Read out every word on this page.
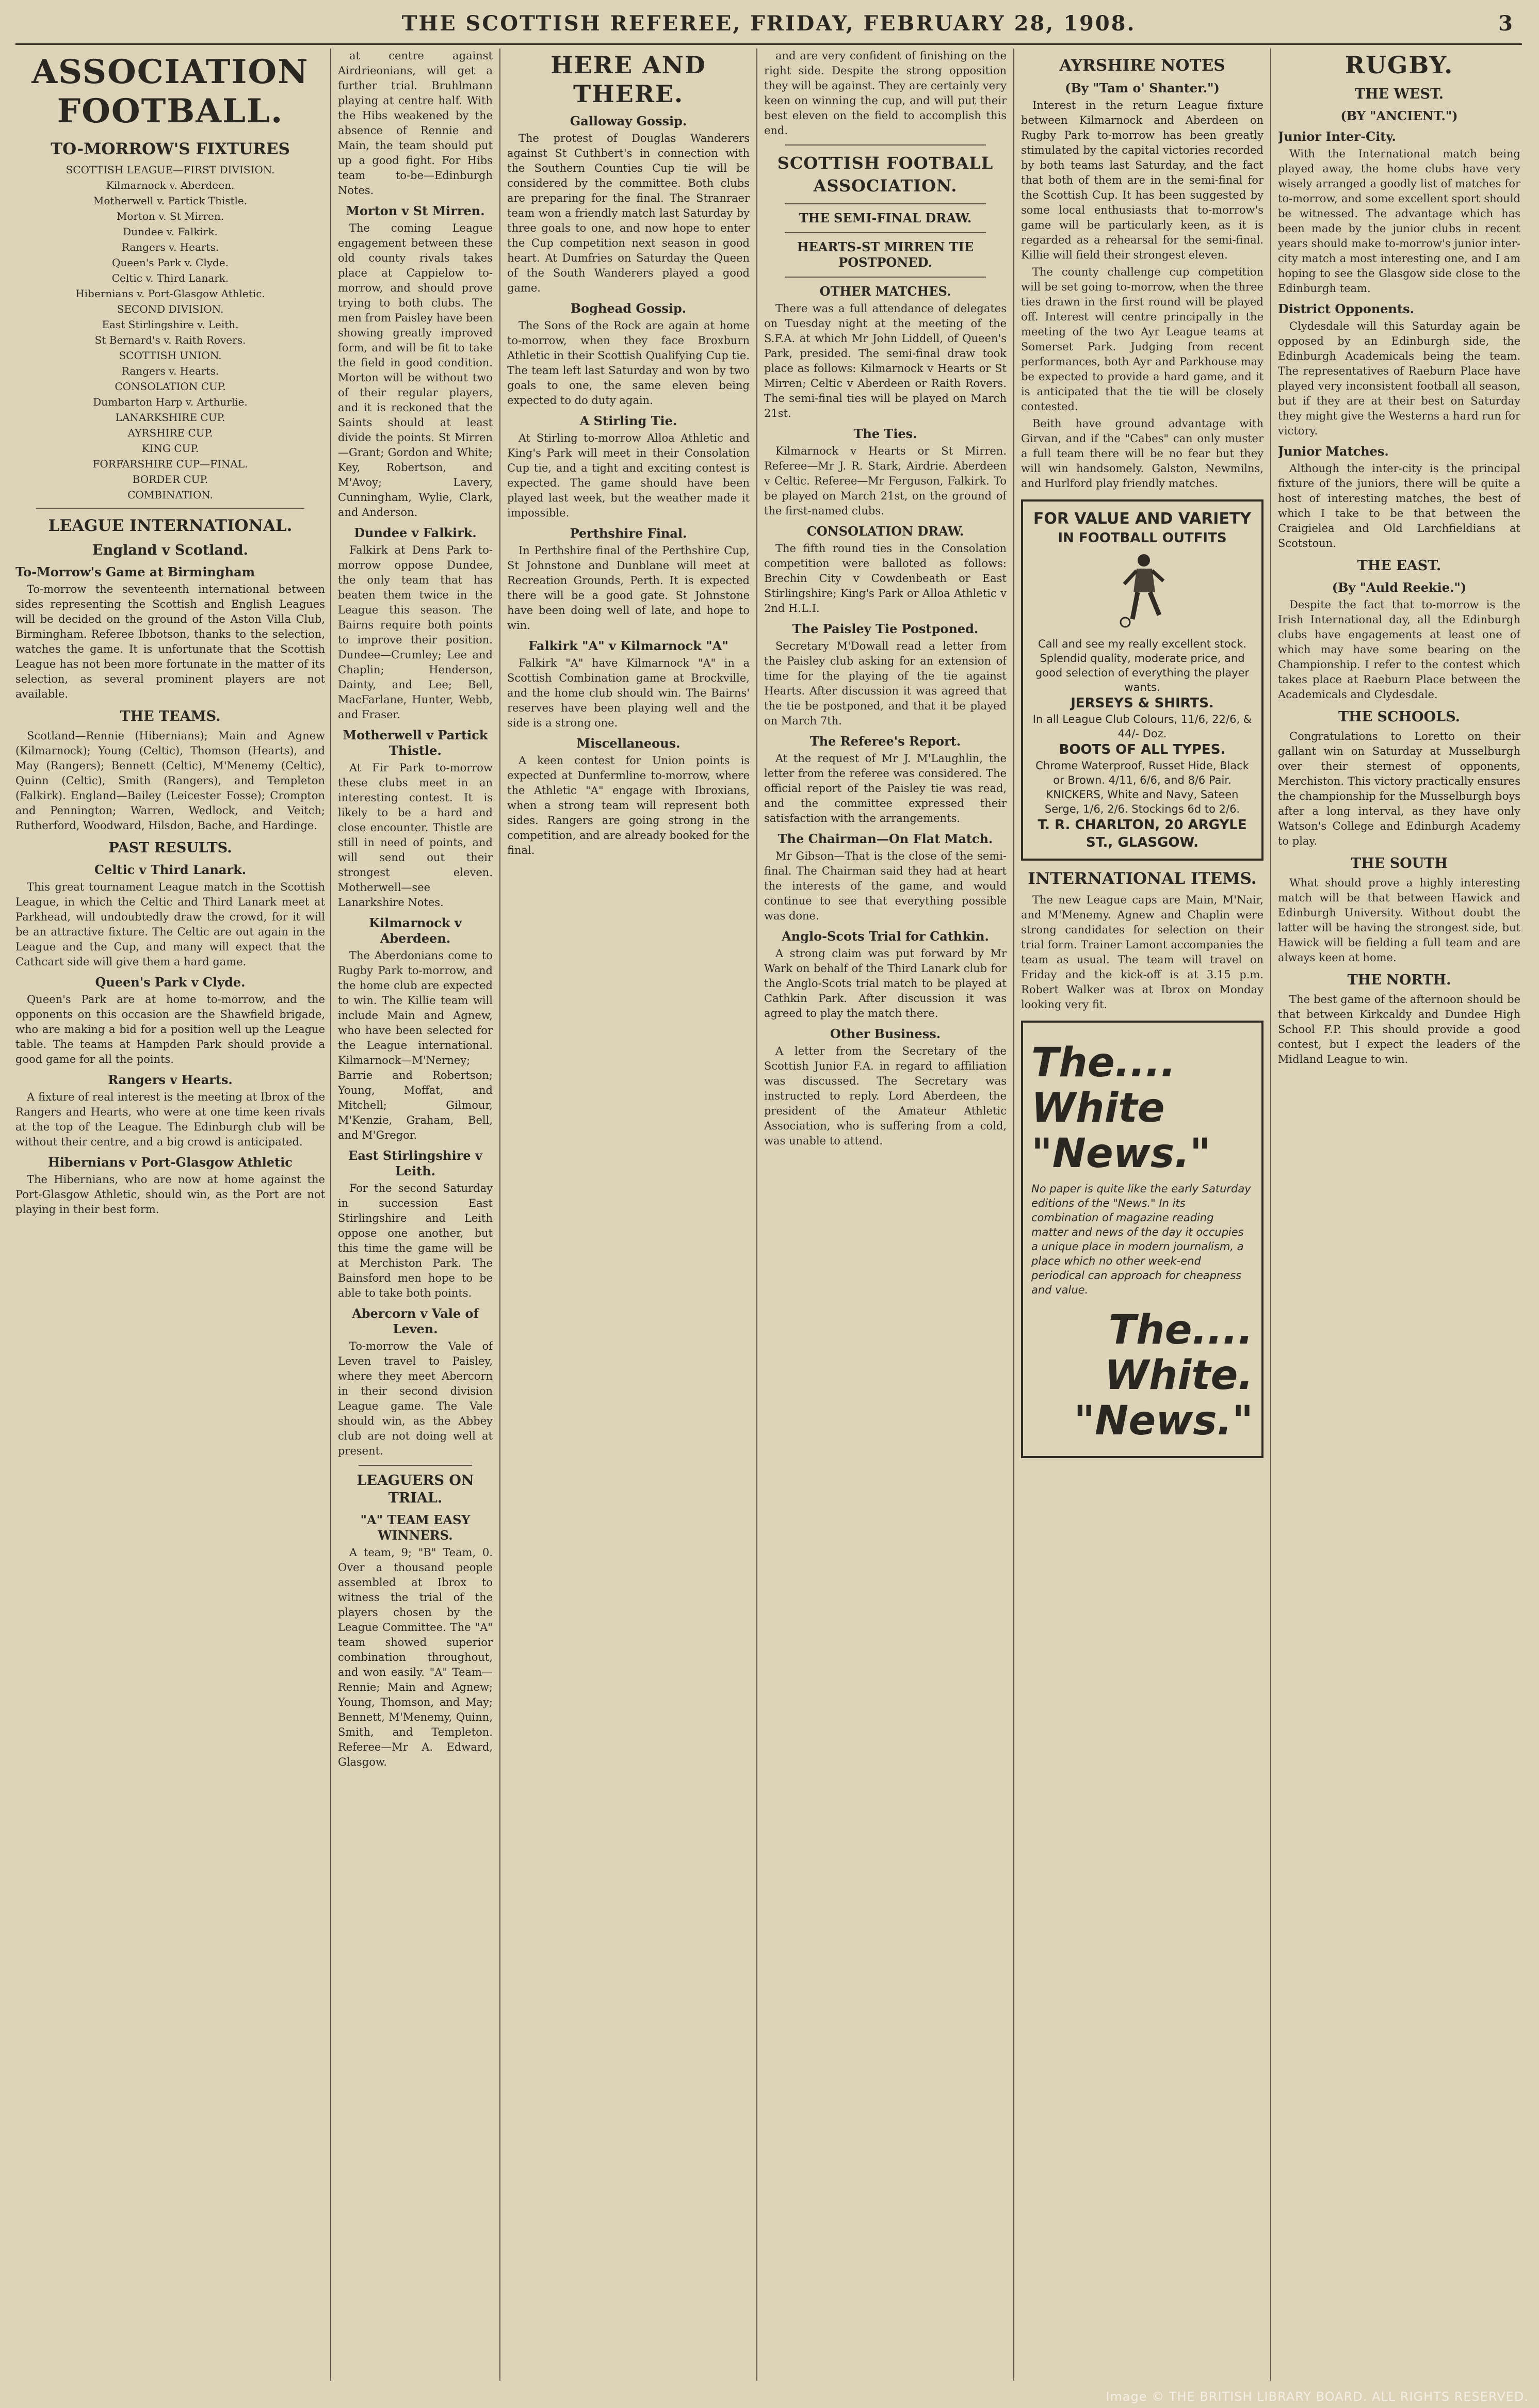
THE SCOTTISH REFEREE, FRIDAY, FEBRUARY 28, 1908.	3
ASSOCIATION FOOTBALL.
TO-MORROW'S FIXTURES

SCOTTISH LEAGUE—FIRST DIVISION.

Kilmarnock v. Aberdeen.

Motherwell v. Partick Thistle.

Morton v. St Mirren.

Dundee v. Falkirk.

Rangers v. Hearts.

Queen's Park v. Clyde.

Celtic v. Third Lanark.

Hibernians v. Port-Glasgow Athletic.

SECOND DIVISION.

East Stirlingshire v. Leith.

St Bernard's v. Raith Rovers.

SCOTTISH UNION.

Rangers v. Hearts.

CONSOLATION CUP.

Dumbarton Harp v. Arthurlie.

LANARKSHIRE CUP.

AYRSHIRE CUP.

KING CUP.

FORFARSHIRE CUP—FINAL.

BORDER CUP.

COMBINATION.

LEAGUE INTERNATIONAL.
England v Scotland.
To-Morrow's Game at Birmingham

To-morrow the seventeenth international between sides representing the Scottish and English Leagues will be decided on the ground of the Aston Villa Club, Birmingham. Referee Ibbotson, thanks to the selection, watches the game. It is unfortunate that the Scottish League has not been more fortunate in the matter of its selection, as several prominent players are not available.

THE TEAMS.

Scotland—Rennie (Hibernians); Main and Agnew (Kilmarnock); Young (Celtic), Thomson (Hearts), and May (Rangers); Bennett (Celtic), M'Menemy (Celtic), Quinn (Celtic), Smith (Rangers), and Templeton (Falkirk). England—Bailey (Leicester Fosse); Crompton and Pennington; Warren, Wedlock, and Veitch; Rutherford, Woodward, Hilsdon, Bache, and Hardinge.

PAST RESULTS.
Celtic v Third Lanark.

This great tournament League match in the Scottish League, in which the Celtic and Third Lanark meet at Parkhead, will undoubtedly draw the crowd, for it will be an attractive fixture. The Celtic are out again in the League and the Cup, and many will expect that the Cathcart side will give them a hard game.

Queen's Park v Clyde.

Queen's Park are at home to-morrow, and the opponents on this occasion are the Shawfield brigade, who are making a bid for a position well up the League table. The teams at Hampden Park should provide a good game for all the points.

Rangers v Hearts.

A fixture of real interest is the meeting at Ibrox of the Rangers and Hearts, who were at one time keen rivals at the top of the League. The Edinburgh club will be without their centre, and a big crowd is anticipated.

Hibernians v Port-Glasgow Athletic

The Hibernians, who are now at home against the Port-Glasgow Athletic, should win, as the Port are not playing in their best form.

at centre against Airdrieonians, will get a further trial. Bruhlmann playing at centre half. With the Hibs weakened by the absence of Rennie and Main, the team should put up a good fight. For Hibs team to-be—Edinburgh Notes.

Morton v St Mirren.

The coming League engagement between these old county rivals takes place at Cappielow to-morrow, and should prove trying to both clubs. The men from Paisley have been showing greatly improved form, and will be fit to take the field in good condition. Morton will be without two of their regular players, and it is reckoned that the Saints should at least divide the points. St Mirren—Grant; Gordon and White; Key, Robertson, and M'Avoy; Lavery, Cunningham, Wylie, Clark, and Anderson.

Dundee v Falkirk.

Falkirk at Dens Park to-morrow oppose Dundee, the only team that has beaten them twice in the League this season. The Bairns require both points to improve their position. Dundee—Crumley; Lee and Chaplin; Henderson, Dainty, and Lee; Bell, MacFarlane, Hunter, Webb, and Fraser.

Motherwell v Partick Thistle.

At Fir Park to-morrow these clubs meet in an interesting contest. It is likely to be a hard and close encounter. Thistle are still in need of points, and will send out their strongest eleven. Motherwell—see Lanarkshire Notes.

Kilmarnock v Aberdeen.

The Aberdonians come to Rugby Park to-morrow, and the home club are expected to win. The Killie team will include Main and Agnew, who have been selected for the League international. Kilmarnock—M'Nerney; Barrie and Robertson; Young, Moffat, and Mitchell; Gilmour, M'Kenzie, Graham, Bell, and M'Gregor.

East Stirlingshire v Leith.

For the second Saturday in succession East Stirlingshire and Leith oppose one another, but this time the game will be at Merchiston Park. The Bainsford men hope to be able to take both points.

Abercorn v Vale of Leven.

To-morrow the Vale of Leven travel to Paisley, where they meet Abercorn in their second division League game. The Vale should win, as the Abbey club are not doing well at present.

LEAGUERS ON TRIAL.
"A" TEAM EASY WINNERS.

A team, 9; "B" Team, 0. Over a thousand people assembled at Ibrox to witness the trial of the players chosen by the League Committee. The "A" team showed superior combination throughout, and won easily. "A" Team—Rennie; Main and Agnew; Young, Thomson, and May; Bennett, M'Menemy, Quinn, Smith, and Templeton. Referee—Mr A. Edward, Glasgow.

HERE AND THERE.
Galloway Gossip.

The protest of Douglas Wanderers against St Cuthbert's in connection with the Southern Counties Cup tie will be considered by the committee. Both clubs are preparing for the final. The Stranraer team won a friendly match last Saturday by three goals to one, and now hope to enter the Cup competition next season in good heart. At Dumfries on Saturday the Queen of the South Wanderers played a good game.

Boghead Gossip.

The Sons of the Rock are again at home to-morrow, when they face Broxburn Athletic in their Scottish Qualifying Cup tie. The team left last Saturday and won by two goals to one, the same eleven being expected to do duty again.

A Stirling Tie.

At Stirling to-morrow Alloa Athletic and King's Park will meet in their Consolation Cup tie, and a tight and exciting contest is expected. The game should have been played last week, but the weather made it impossible.

Perthshire Final.

In Perthshire final of the Perthshire Cup, St Johnstone and Dunblane will meet at Recreation Grounds, Perth. It is expected there will be a good gate. St Johnstone have been doing well of late, and hope to win.

Falkirk "A" v Kilmarnock "A"

Falkirk "A" have Kilmarnock "A" in a Scottish Combination game at Brockville, and the home club should win. The Bairns' reserves have been playing well and the side is a strong one.

Miscellaneous.

A keen contest for Union points is expected at Dunfermline to-morrow, where the Athletic "A" engage with Ibroxians, when a strong team will represent both sides. Rangers are going strong in the competition, and are already booked for the final.

and are very confident of finishing on the right side. Despite the strong opposition they will be against. They are certainly very keen on winning the cup, and will put their best eleven on the field to accomplish this end.

SCOTTISH FOOTBALL ASSOCIATION.
THE SEMI-FINAL DRAW.
HEARTS-ST MIRREN TIE POSTPONED.
OTHER MATCHES.

There was a full attendance of delegates on Tuesday night at the meeting of the S.F.A. at which Mr John Liddell, of Queen's Park, presided. The semi-final draw took place as follows: Kilmarnock v Hearts or St Mirren; Celtic v Aberdeen or Raith Rovers. The semi-final ties will be played on March 21st.

The Ties.

Kilmarnock v Hearts or St Mirren. Referee—Mr J. R. Stark, Airdrie. Aberdeen v Celtic. Referee—Mr Ferguson, Falkirk. To be played on March 21st, on the ground of the first-named clubs.

CONSOLATION DRAW.

The fifth round ties in the Consolation competition were balloted as follows: Brechin City v Cowdenbeath or East Stirlingshire; King's Park or Alloa Athletic v 2nd H.L.I.

The Paisley Tie Postponed.

Secretary M'Dowall read a letter from the Paisley club asking for an extension of time for the playing of the tie against Hearts. After discussion it was agreed that the tie be postponed, and that it be played on March 7th.

The Referee's Report.

At the request of Mr J. M'Laughlin, the letter from the referee was considered. The official report of the Paisley tie was read, and the committee expressed their satisfaction with the arrangements.

The Chairman—On Flat Match.

Mr Gibson—That is the close of the semi-final. The Chairman said they had at heart the interests of the game, and would continue to see that everything possible was done.

Anglo-Scots Trial for Cathkin.

A strong claim was put forward by Mr Wark on behalf of the Third Lanark club for the Anglo-Scots trial match to be played at Cathkin Park. After discussion it was agreed to play the match there.

Other Business.

A letter from the Secretary of the Scottish Junior F.A. in regard to affiliation was discussed. The Secretary was instructed to reply. Lord Aberdeen, the president of the Amateur Athletic Association, who is suffering from a cold, was unable to attend.

AYRSHIRE NOTES
(By "Tam o' Shanter.")

Interest in the return League fixture between Kilmarnock and Aberdeen on Rugby Park to-morrow has been greatly stimulated by the capital victories recorded by both teams last Saturday, and the fact that both of them are in the semi-final for the Scottish Cup. It has been suggested by some local enthusiasts that to-morrow's game will be particularly keen, as it is regarded as a rehearsal for the semi-final. Killie will field their strongest eleven.

The county challenge cup competition will be set going to-morrow, when the three ties drawn in the first round will be played off. Interest will centre principally in the meeting of the two Ayr League teams at Somerset Park. Judging from recent performances, both Ayr and Parkhouse may be expected to provide a hard game, and it is anticipated that the tie will be closely contested.

Beith have ground advantage with Girvan, and if the "Cabes" can only muster a full team there will be no fear but they will win handsomely. Galston, Newmilns, and Hurlford play friendly matches.

FOR VALUE AND VARIETY
IN FOOTBALL OUTFITS
Call and see my really excellent stock. Splendid quality, moderate price, and good selection of everything the player wants.
JERSEYS & SHIRTS.
In all League Club Colours, 11/6, 22/6, & 44/- Doz.
BOOTS OF ALL TYPES.
Chrome Waterproof, Russet Hide, Black or Brown. 4/11, 6/6, and 8/6 Pair.
KNICKERS, White and Navy, Sateen Serge, 1/6, 2/6. Stockings 6d to 2/6.
T. R. CHARLTON, 20 ARGYLE ST., GLASGOW.
INTERNATIONAL ITEMS.

The new League caps are Main, M'Nair, and M'Menemy. Agnew and Chaplin were strong candidates for selection on their trial form. Trainer Lamont accompanies the team as usual. The team will travel on Friday and the kick-off is at 3.15 p.m. Robert Walker was at Ibrox on Monday looking very fit.

The.... White "News."
No paper is quite like the early Saturday editions of the "News." In its combination of magazine reading matter and news of the day it occupies a unique place in modern journalism, a place which no other week-end periodical can approach for cheapness and value.
The.... White. "News."
RUGBY.
THE WEST.
(BY "ANCIENT.")
Junior Inter-City.

With the International match being played away, the home clubs have very wisely arranged a goodly list of matches for to-morrow, and some excellent sport should be witnessed. The advantage which has been made by the junior clubs in recent years should make to-morrow's junior inter-city match a most interesting one, and I am hoping to see the Glasgow side close to the Edinburgh team.

District Opponents.

Clydesdale will this Saturday again be opposed by an Edinburgh side, the Edinburgh Academicals being the team. The representatives of Raeburn Place have played very inconsistent football all season, but if they are at their best on Saturday they might give the Westerns a hard run for victory.

Junior Matches.

Although the inter-city is the principal fixture of the juniors, there will be quite a host of interesting matches, the best of which I take to be that between the Craigielea and Old Larchfieldians at Scotstoun.

THE EAST.
(By "Auld Reekie.")

Despite the fact that to-morrow is the Irish International day, all the Edinburgh clubs have engagements at least one of which may have some bearing on the Championship. I refer to the contest which takes place at Raeburn Place between the Academicals and Clydesdale.

THE SCHOOLS.

Congratulations to Loretto on their gallant win on Saturday at Musselburgh over their sternest of opponents, Merchiston. This victory practically ensures the championship for the Musselburgh boys after a long interval, as they have only Watson's College and Edinburgh Academy to play.

THE SOUTH

What should prove a highly interesting match will be that between Hawick and Edinburgh University. Without doubt the latter will be having the strongest side, but Hawick will be fielding a full team and are always keen at home.

THE NORTH.

The best game of the afternoon should be that between Kirkcaldy and Dundee High School F.P. This should provide a good contest, but I expect the leaders of the Midland League to win.

Image © THE BRITISH LIBRARY BOARD. ALL RIGHTS RESERVED.
